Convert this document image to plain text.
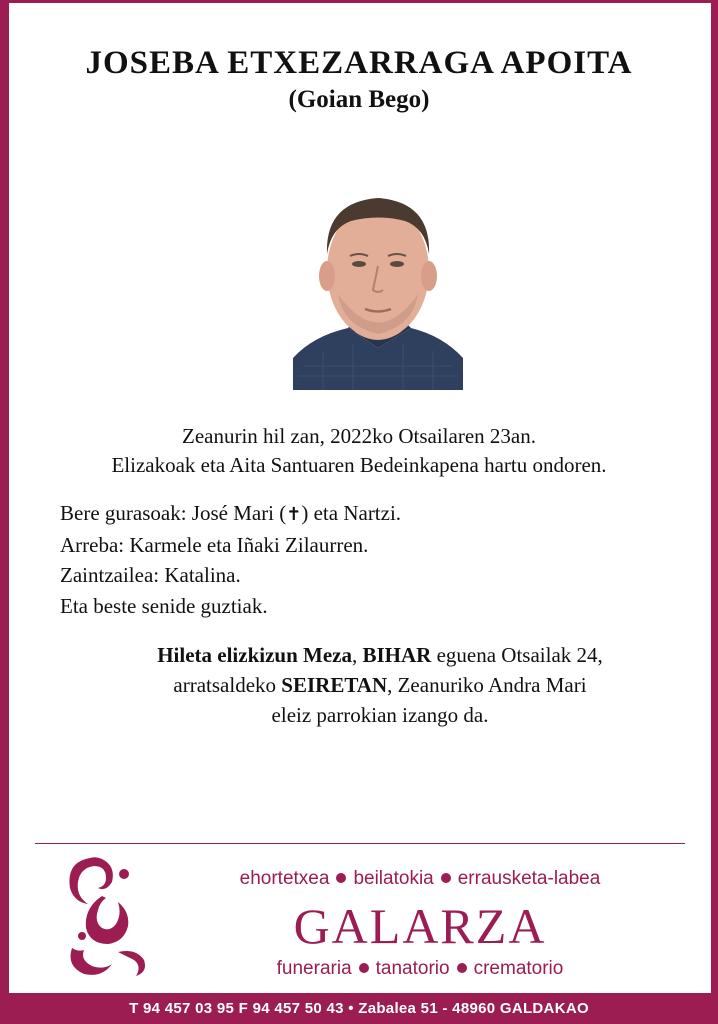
JOSEBA ETXEZARRAGA APOITA
(Goian Bego)
Zeanurin hil zan, 2022ko Otsailaren 23an.
Elizakoak eta Aita Santuaren Bedeinkapena hartu ondoren.
Bere gurasoak: José Mari (✝) eta Nartzi.
Arreba: Karmele eta Iñaki Zilaurren.
Zaintzailea: Katalina.
Eta beste senide guztiak.
Hileta elizkizun Meza, BIHAR eguena Otsailak 24,
arratsaldeko SEIRETAN, Zeanuriko Andra Mari
eleiz parrokian izango da.
ehortetxea beilatokia errausketa-labea
GALARZA
funeraria tanatorio crematorio
T 94 457 03 95 F 94 457 50 43 • Zabalea 51 - 48960 GALDAKAO
